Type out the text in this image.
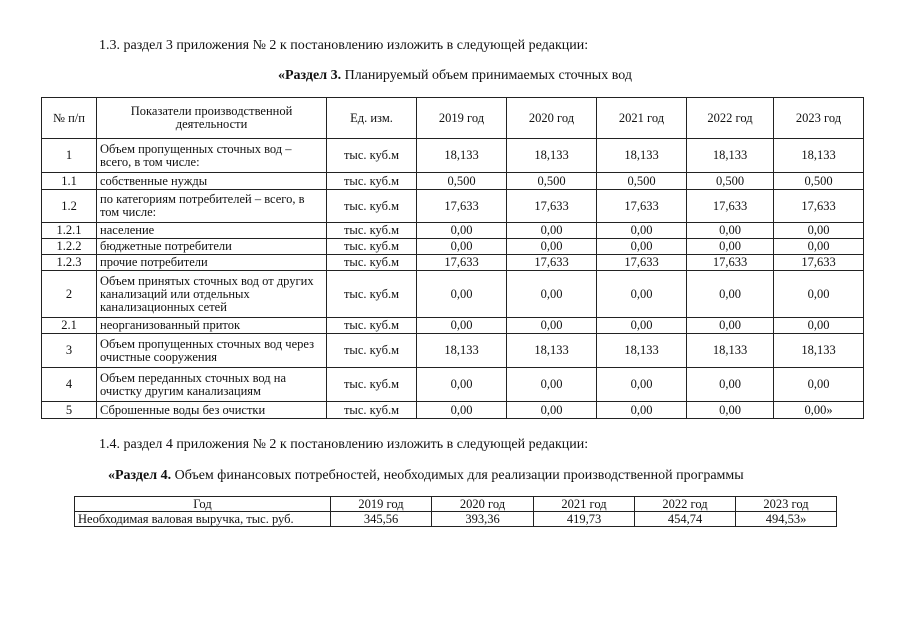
1.3. раздел 3 приложения № 2 к постановлению изложить в следующей редакции:
«Раздел 3. Планируемый объем принимаемых сточных вод
№ п/п	Показатели производственной деятельности	Ед. изм.	2019 год	2020 год	2021 год	2022 год	2023 год
1	Объем пропущенных сточных вод – всего, в том числе:	тыс. куб.м	18,133	18,133	18,133	18,133	18,133
1.1	собственные нужды	тыс. куб.м	0,500	0,500	0,500	0,500	0,500
1.2	по категориям потребителей – всего, в том числе:	тыс. куб.м	17,633	17,633	17,633	17,633	17,633
1.2.1	население	тыс. куб.м	0,00	0,00	0,00	0,00	0,00
1.2.2	бюджетные потребители	тыс. куб.м	0,00	0,00	0,00	0,00	0,00
1.2.3	прочие потребители	тыс. куб.м	17,633	17,633	17,633	17,633	17,633
2	Объем принятых сточных вод от других канализаций или отдельных канализационных сетей	тыс. куб.м	0,00	0,00	0,00	0,00	0,00
2.1	неорганизованный приток	тыс. куб.м	0,00	0,00	0,00	0,00	0,00
3	Объем пропущенных сточных вод через очистные сооружения	тыс. куб.м	18,133	18,133	18,133	18,133	18,133
4	Объем переданных сточных вод на очистку другим канализациям	тыс. куб.м	0,00	0,00	0,00	0,00	0,00
5	Сброшенные воды без очистки	тыс. куб.м	0,00	0,00	0,00	0,00	0,00»
1.4. раздел 4 приложения № 2 к постановлению изложить в следующей редакции:
«Раздел 4. Объем финансовых потребностей, необходимых для реализации производственной программы
Год	2019 год	2020 год	2021 год	2022 год	2023 год
Необходимая валовая выручка, тыс. руб.	345,56	393,36	419,73	454,74	494,53»
